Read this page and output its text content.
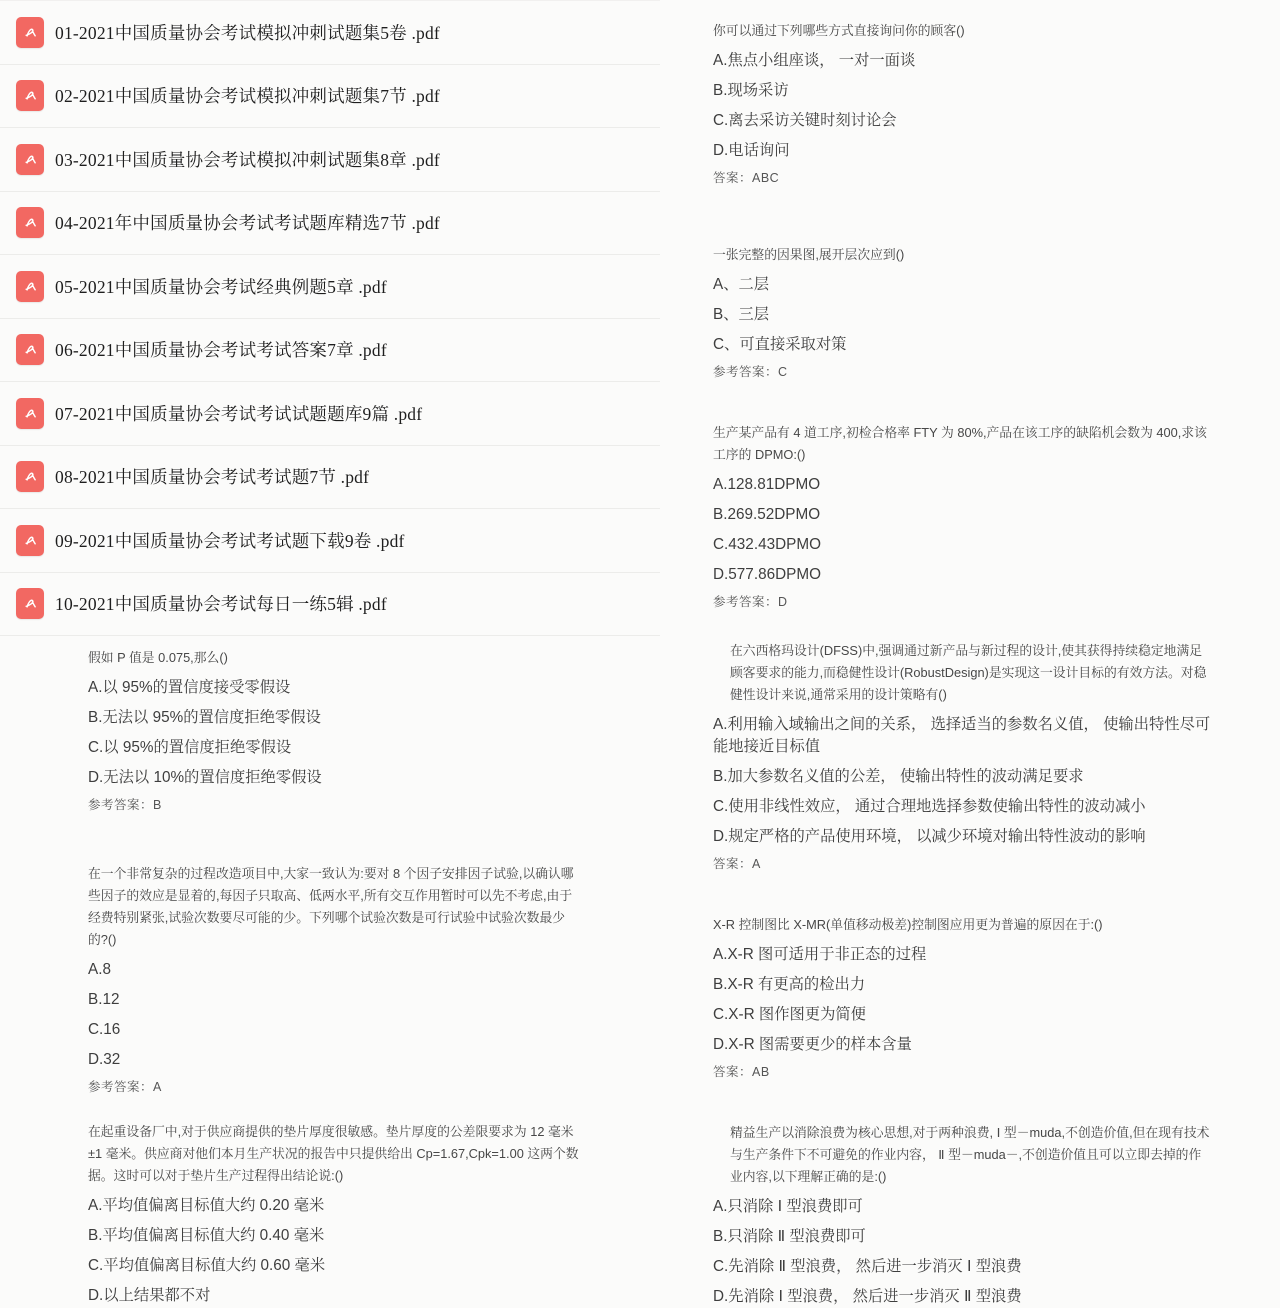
01-2021中国质量协会考试模拟冲刺试题集5卷 .pdf
02-2021中国质量协会考试模拟冲刺试题集7节 .pdf
03-2021中国质量协会考试模拟冲刺试题集8章 .pdf
04-2021年中国质量协会考试考试题库精选7节 .pdf
05-2021中国质量协会考试经典例题5章 .pdf
06-2021中国质量协会考试考试答案7章 .pdf
07-2021中国质量协会考试考试试题题库9篇 .pdf
08-2021中国质量协会考试考试题7节 .pdf
09-2021中国质量协会考试考试题下载9卷 .pdf
10-2021中国质量协会考试每日一练5辑 .pdf
假如 P 值是 0.075,那么()
A.以 95%的置信度接受零假设
B.无法以 95%的置信度拒绝零假设
C.以 95%的置信度拒绝零假设
D.无法以 10%的置信度拒绝零假设
参考答案：B
在一个非常复杂的过程改造项目中,大家一致认为:要对 8 个因子安排因子试验,以确认哪些因子的效应是显着的,每因子只取高、低两水平,所有交互作用暂时可以先不考虑,由于经费特别紧张,试验次数要尽可能的少。下列哪个试验次数是可行试验中试验次数最少的?()
A.8
B.12
C.16
D.32
参考答案：A
在起重设备厂中,对于供应商提供的垫片厚度很敏感。垫片厚度的公差限要求为 12 毫米±1 毫米。供应商对他们本月生产状况的报告中只提供给出 Cp=1.67,Cpk=1.00 这两个数据。这时可以对于垫片生产过程得出结论说:()
A.平均值偏离目标值大约 0.20 毫米
B.平均值偏离目标值大约 0.40 毫米
C.平均值偏离目标值大约 0.60 毫米
D.以上结果都不对
你可以通过下列哪些方式直接询问你的顾客()
A.焦点小组座谈， 一对一面谈
B.现场采访
C.离去采访关键时刻讨论会
D.电话询问
答案：ABC
一张完整的因果图,展开层次应到()
A、二层
B、三层
C、可直接采取对策
参考答案：C
生产某产品有 4 道工序,初检合格率 FTY 为 80%,产品在该工序的缺陷机会数为 400,求该工序的 DPMO:()
A.128.81DPMO
B.269.52DPMO
C.432.43DPMO
D.577.86DPMO
参考答案：D
在六西格玛设计(DFSS)中,强调通过新产品与新过程的设计,使其获得持续稳定地满足顾客要求的能力,而稳健性设计(RobustDesign)是实现这一设计目标的有效方法。对稳健性设计来说,通常采用的设计策略有()
A.利用输入域输出之间的关系， 选择适当的参数名义值， 使输出特性尽可能地接近目标值
B.加大参数名义值的公差， 使输出特性的波动满足要求
C.使用非线性效应， 通过合理地选择参数使输出特性的波动减小
D.规定严格的产品使用环境， 以减少环境对输出特性波动的影响
答案：A
X-R 控制图比 X-MR(单值移动极差)控制图应用更为普遍的原因在于:()
A.X-R 图可适用于非正态的过程
B.X-R 有更高的检出力
C.X-R 图作图更为简便
D.X-R 图需要更少的样本含量
答案：AB
精益生产以消除浪费为核心思想,对于两种浪费, Ⅰ 型－muda,不创造价值,但在现有技术与生产条件下不可避免的作业内容， Ⅱ 型－muda－,不创造价值且可以立即去掉的作业内容,以下理解正确的是:()
A.只消除 Ⅰ 型浪费即可
B.只消除 Ⅱ 型浪费即可
C.先消除 Ⅱ 型浪费， 然后进一步消灭 Ⅰ 型浪费
D.先消除 Ⅰ 型浪费， 然后进一步消灭 Ⅱ 型浪费
